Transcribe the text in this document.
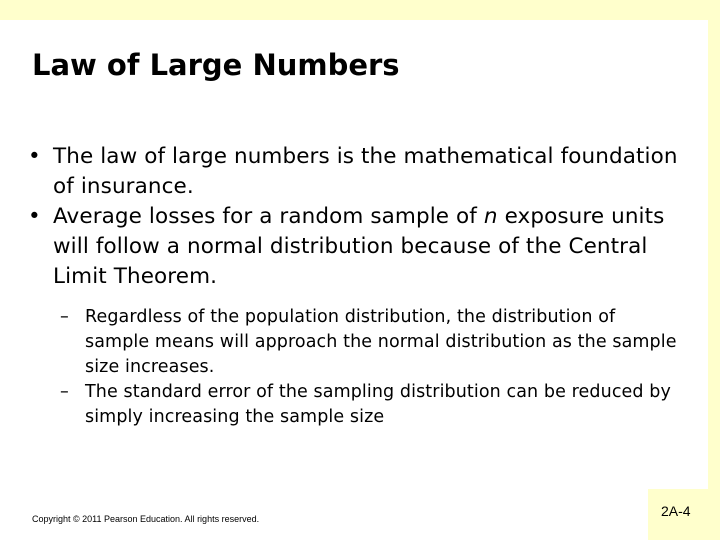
Law of Large Numbers
• The law of large numbers is the mathematical foundation of insurance.
• Average losses for a random sample of n exposure units will follow a normal distribution because of the Central Limit Theorem.
– Regardless of the population distribution, the distribution of sample means will approach the normal distribution as the sample size increases.
– The standard error of the sampling distribution can be reduced by simply increasing the sample size
Copyright © 2011 Pearson Education. All rights reserved.	2A-4
